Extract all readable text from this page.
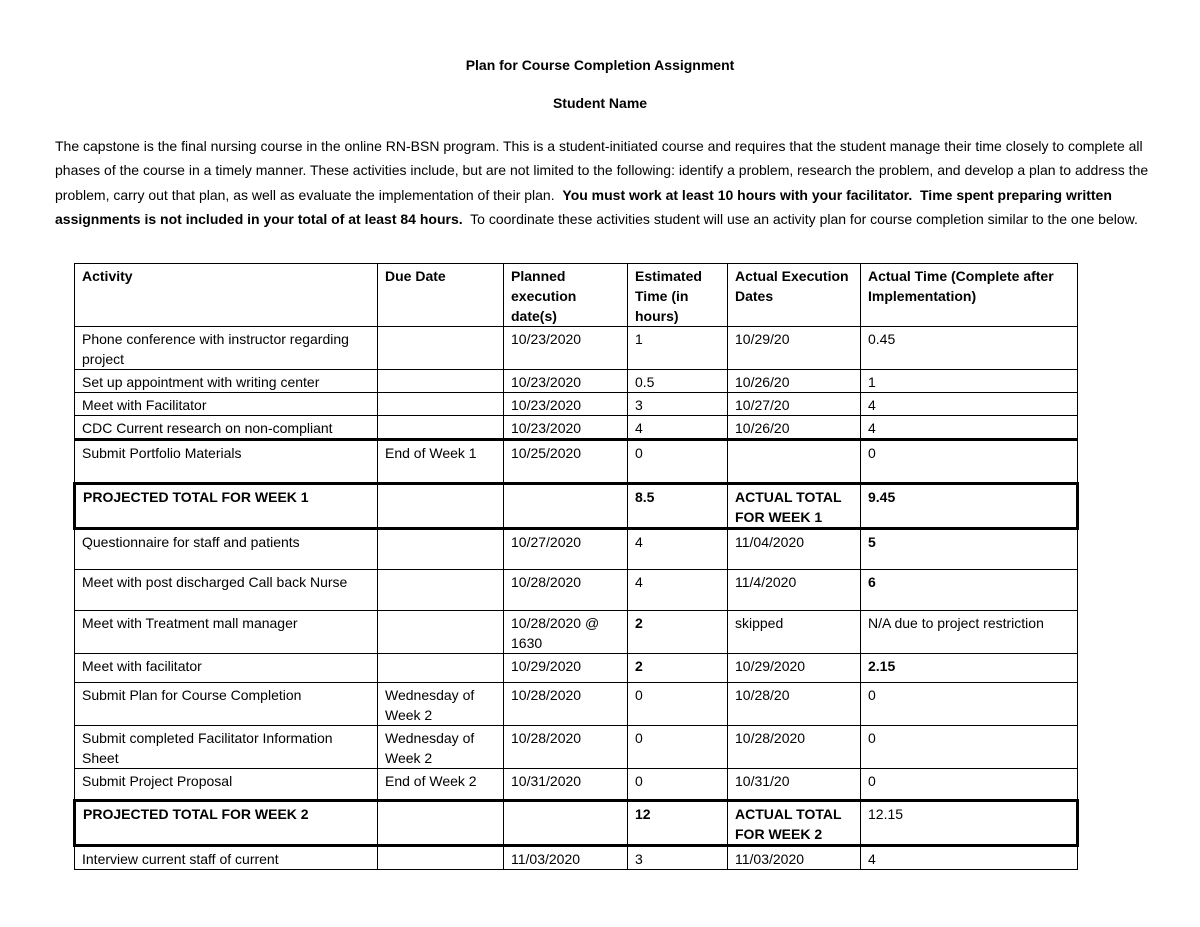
Plan for Course Completion Assignment
Student Name
The capstone is the final nursing course in the online RN-BSN program. This is a student-initiated course and requires that the student manage their time closely to complete all phases of the course in a timely manner. These activities include, but are not limited to the following: identify a problem, research the problem, and develop a plan to address the problem, carry out that plan, as well as evaluate the implementation of their plan. You must work at least 10 hours with your facilitator. Time spent preparing written assignments is not included in your total of at least 84 hours. To coordinate these activities student will use an activity plan for course completion similar to the one below.
Activity	Due Date	Planned execution date(s)	Estimated Time (in hours)	Actual Execution Dates	Actual Time (Complete after Implementation)
Phone conference with instructor regarding project		10/23/2020	1	10/29/20	0.45
Set up appointment with writing center		10/23/2020	0.5	10/26/20	1
Meet with Facilitator		10/23/2020	3	10/27/20	4
CDC Current research on non-compliant		10/23/2020	4	10/26/20	4
Submit Portfolio Materials	End of Week 1	10/25/2020	0		0
PROJECTED TOTAL FOR WEEK 1			8.5	ACTUAL TOTAL FOR WEEK 1	9.45
Questionnaire for staff and patients		10/27/2020	4	11/04/2020	5
Meet with post discharged Call back Nurse		10/28/2020	4	11/4/2020	6
Meet with Treatment mall manager		10/28/2020 @ 1630	2	skipped	N/A due to project restriction
Meet with facilitator		10/29/2020	2	10/29/2020	2.15
Submit Plan for Course Completion	Wednesday of Week 2	10/28/2020	0	10/28/20	0
Submit completed Facilitator Information Sheet	Wednesday of Week 2	10/28/2020	0	10/28/2020	0
Submit Project Proposal	End of Week 2	10/31/2020	0	10/31/20	0
PROJECTED TOTAL FOR WEEK 2			12	ACTUAL TOTAL FOR WEEK 2	12.15
Interview current staff of current		11/03/2020	3	11/03/2020	4
